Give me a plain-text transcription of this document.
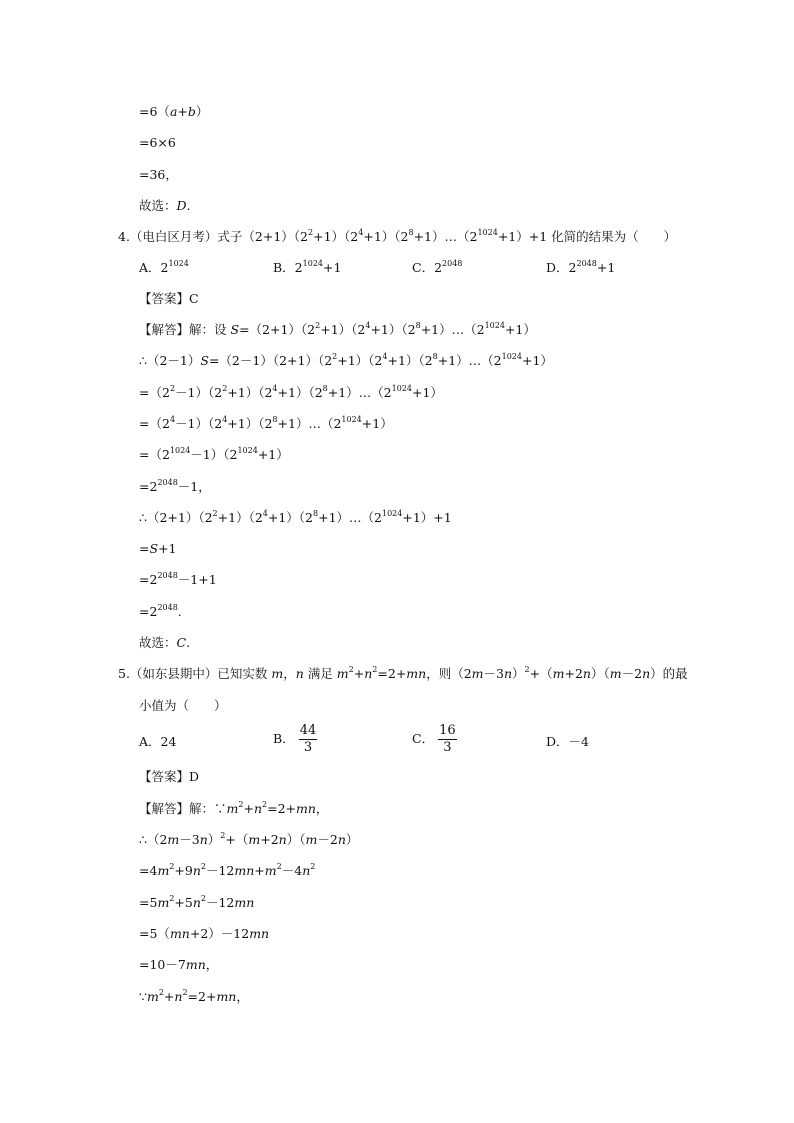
=6（a+b）
=6×6
=36，
故选：D.
4.（电白区月考）式子$(2+1)(2^2+1)(2^4+1)(2^8+1)\dots(2^{1024}+1)+1$ 化简的结果为（　　）
A．$2^{1024}$	B．$2^{1024}+1$	C．$2^{2048}$	D．$2^{2048}+1$
【答案】C
【解答】解：设 $S=(2+1)(2^2+1)(2^4+1)(2^8+1)\dots(2^{1024}+1)$
$\therefore(2-1)S=(2-1)(2+1)(2^2+1)(2^4+1)(2^8+1)\dots(2^{1024}+1)$
$=(2^2-1)(2^2+1)(2^4+1)(2^8+1)\dots(2^{1024}+1)$
$=(2^4-1)(2^4+1)(2^8+1)\dots(2^{1024}+1)$
$=(2^{1024}-1)(2^{1024}+1)$
$=2^{2048}-1$，
$\therefore(2+1)(2^2+1)(2^4+1)(2^8+1)\dots(2^{1024}+1)+1$
=S+1
$=2^{2048}-1+1$
$=2^{2048}$.
故选：C.
5.（如东县期中）已知实数 m，n 满足 $m^2+n^2=2+mn$，则$(2m-3n)^2+(m+2n)(m-2n)$的最
小值为（　　）
A．24	B． $\frac{44}{3}$	C． $\frac{16}{3}$	D．－4
【答案】D
【解答】解：$\because m^2+n^2=2+mn$，
$\therefore(2m-3n)^2+(m+2n)(m-2n)$
$=4m^2+9n^2-12mn+m^2-4n^2$
$=5m^2+5n^2-12mn$
=5（mn+2）－12mn
=10－7mn，
$\because m^2+n^2=2+mn$，
